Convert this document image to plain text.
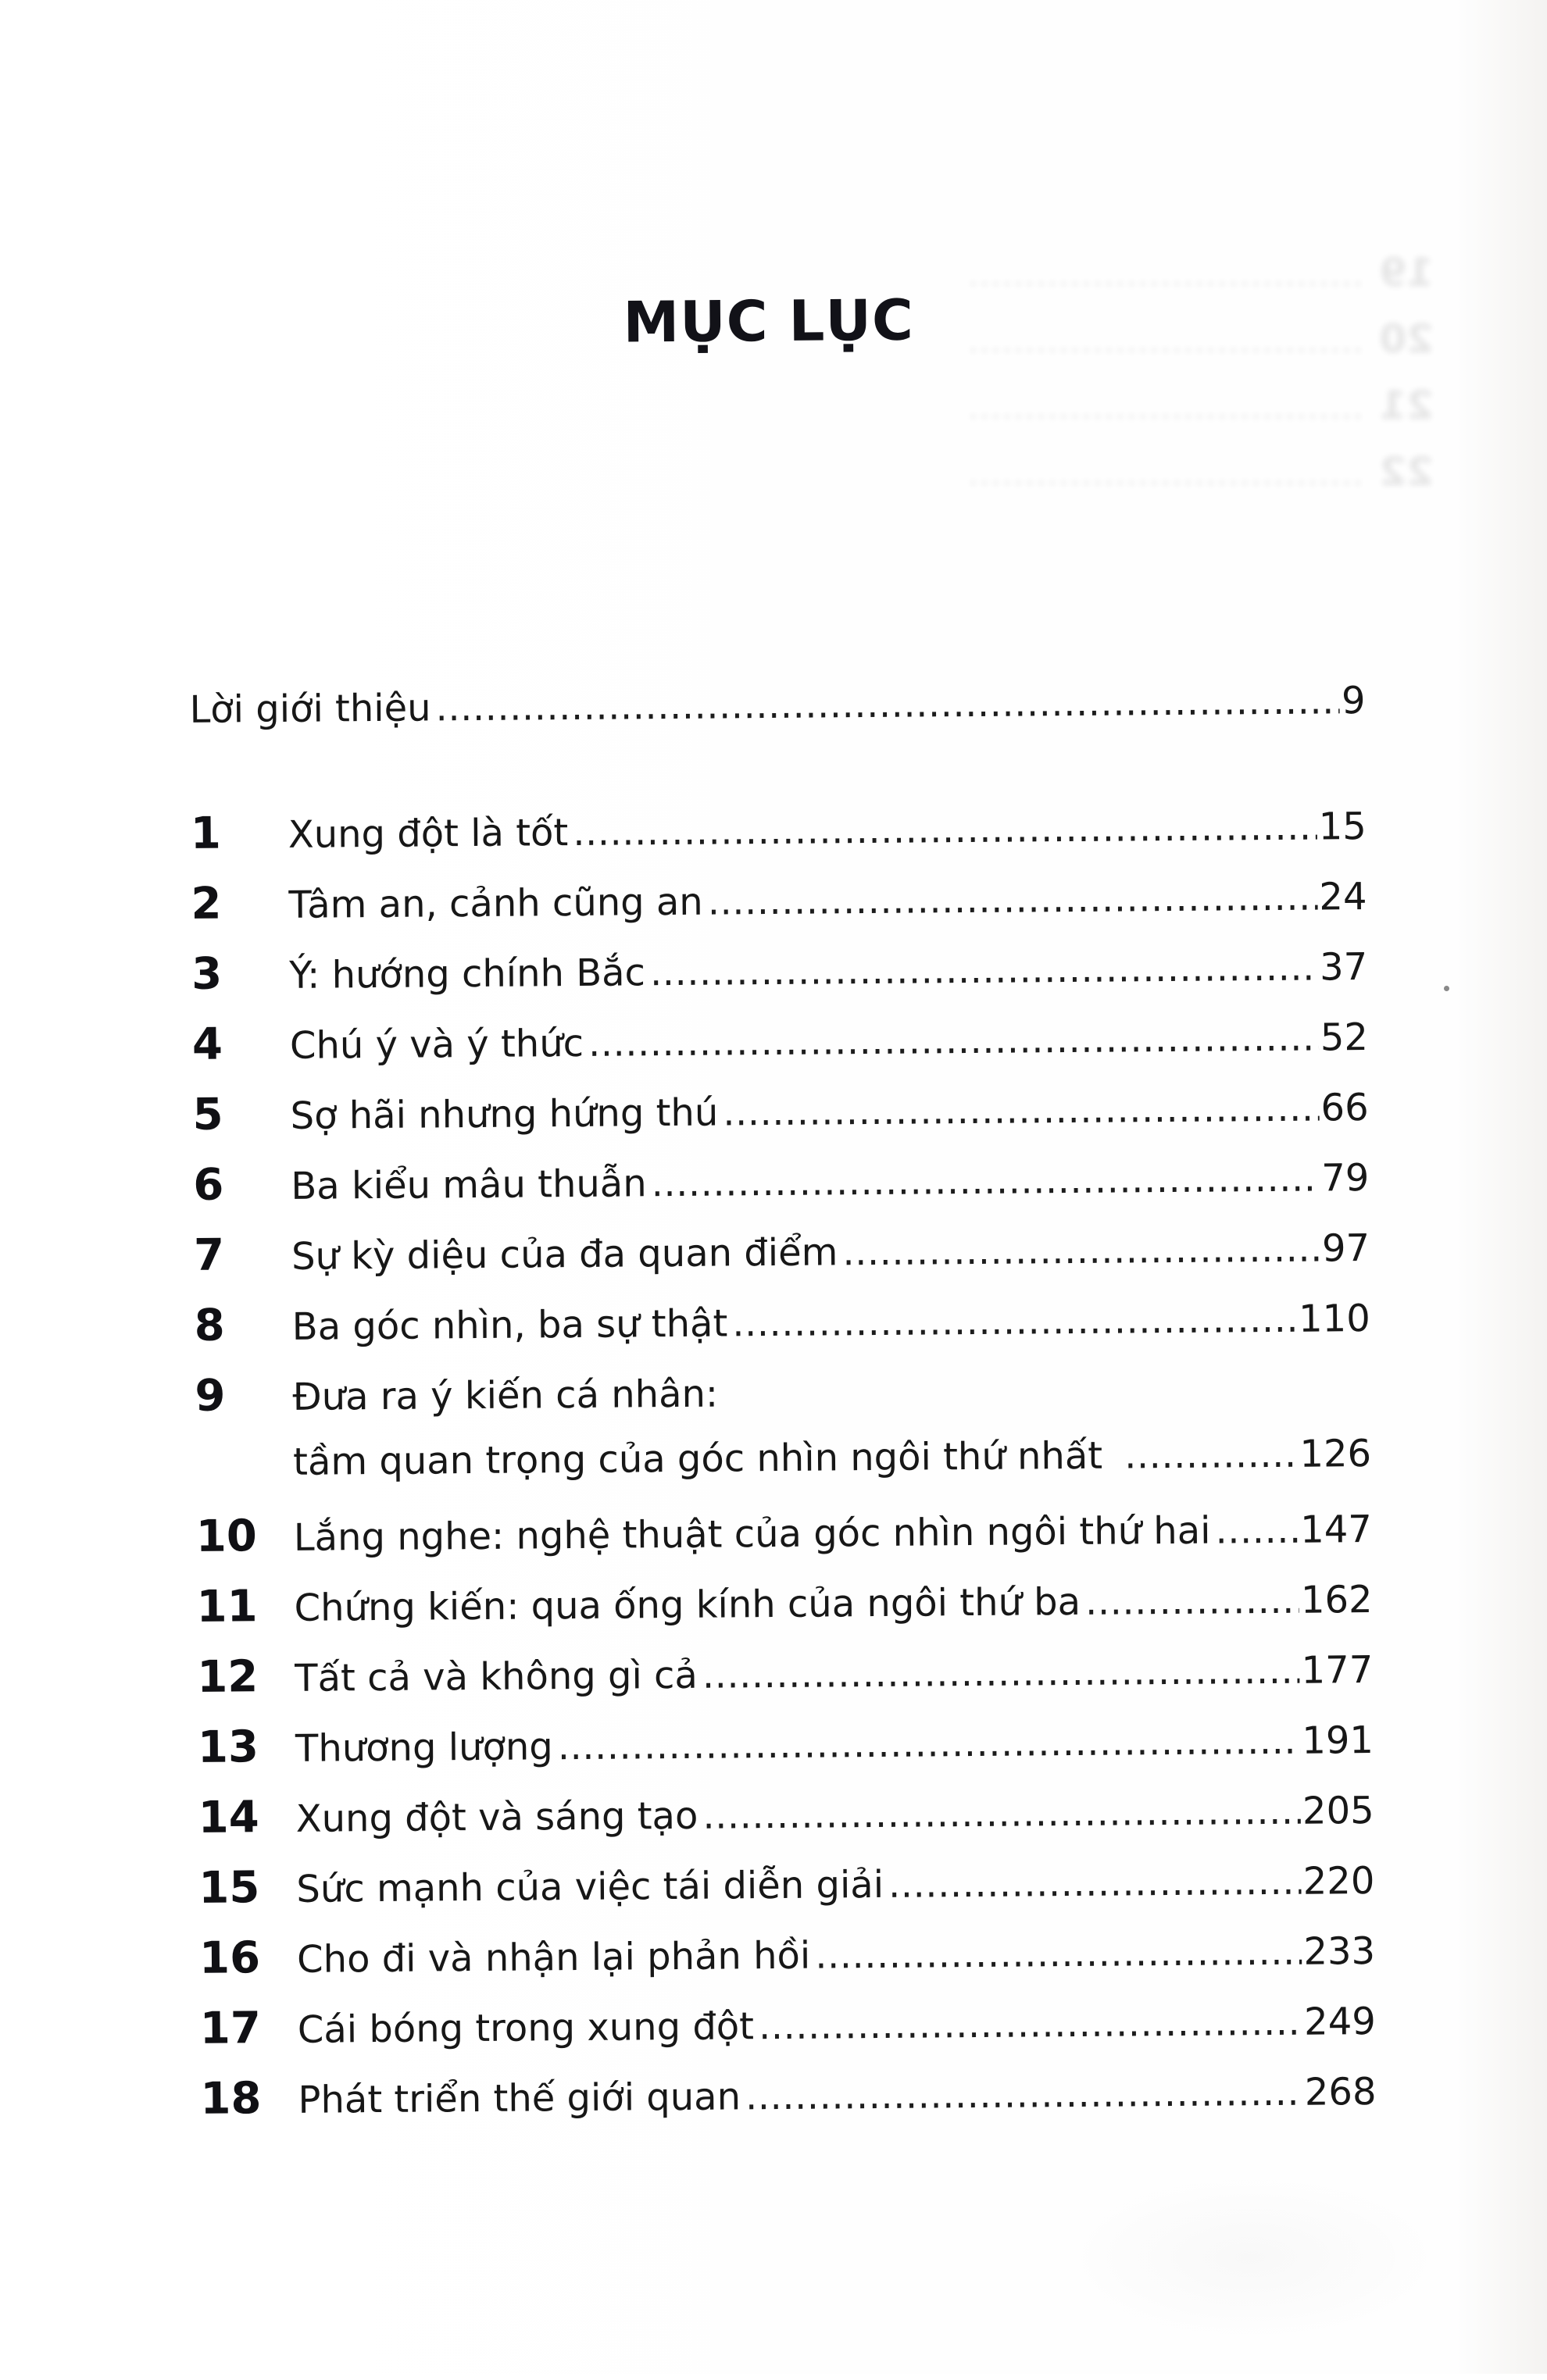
19
.....
20
.....
21
.....
22
.....
MỤC LỤC
Lời giới thiệu .....	9
1	Xung đột là tốt .....	15
2	Tâm an, cảnh cũng an .....	24
3	Ý: hướng chính Bắc .....	37
4	Chú ý và ý thức .....	52
5	Sợ hãi nhưng hứng thú .....	66
6	Ba kiểu mâu thuẫn .....	79
7	Sự kỳ diệu của đa quan điểm .....	97
8	Ba góc nhìn, ba sự thật .....	110
9	Đưa ra ý kiến cá nhân:
tầm quan trọng của góc nhìn ngôi thứ nhất .....	126
10 Lắng nghe: nghệ thuật của góc nhìn ngôi thứ hai ..... 147
11 Chứng kiến: qua ống kính của ngôi thứ ba .....	162
12 Tất cả và không gì cả .....	177
13 Thương lượng .....	191
14 Xung đột và sáng tạo .....	205
15 Sức mạnh của việc tái diễn giải .....	220
16 Cho đi và nhận lại phản hồi .....	233
17 Cái bóng trong xung đột .....	249
18 Phát triển thế giới quan .....	268
